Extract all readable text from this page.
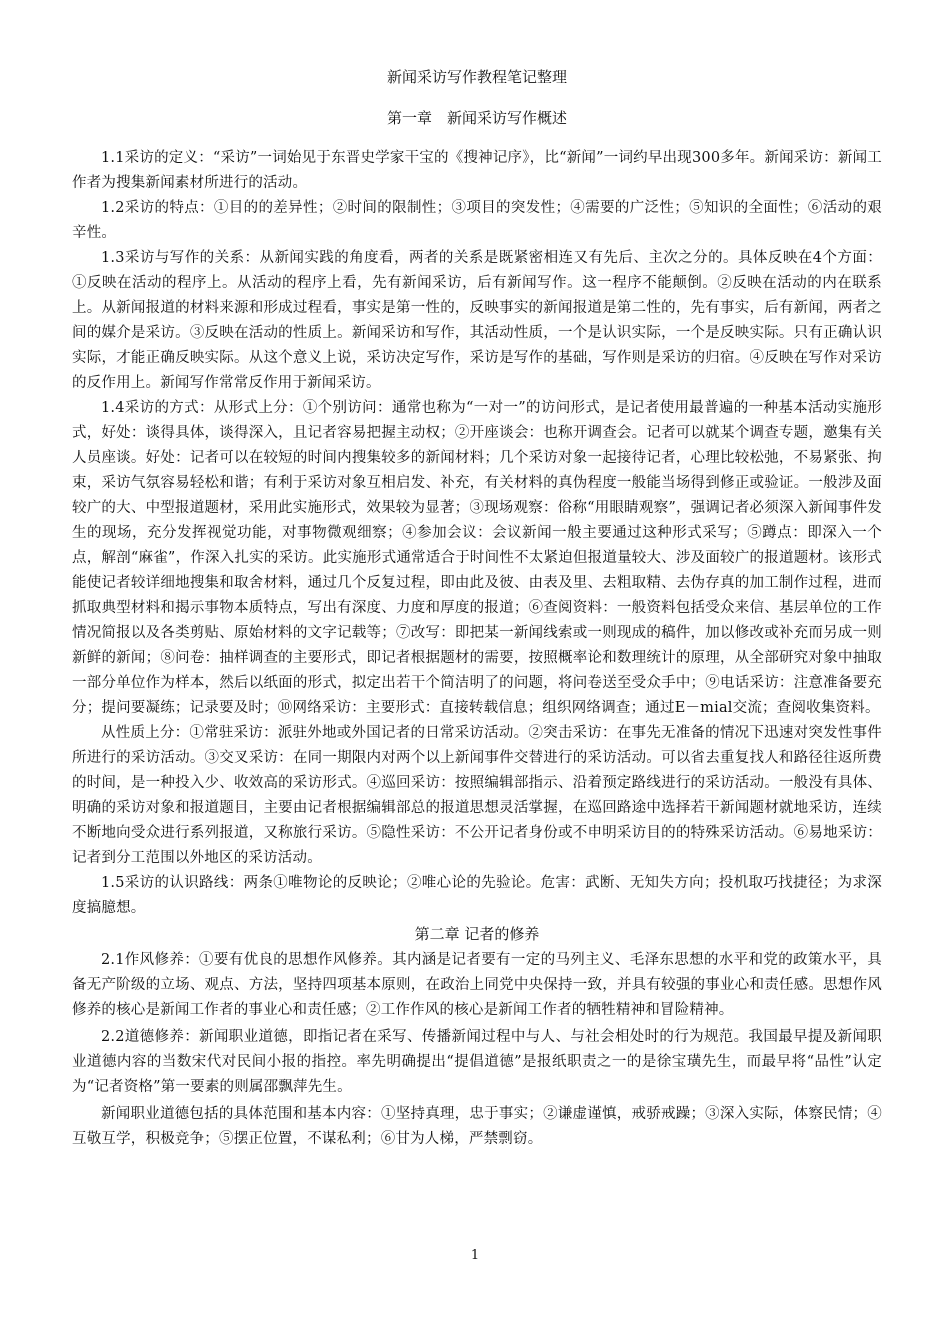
新闻采访写作教程笔记整理
第一章　新闻采访写作概述

1.1采访的定义：“采访”一词始见于东晋史学家干宝的《搜神记序》，比“新闻”一词约早出现300多年。新闻采访：新闻工作者为搜集新闻素材所进行的活动。

1.2采访的特点：①目的的差异性；②时间的限制性；③项目的突发性；④需要的广泛性；⑤知识的全面性；⑥活动的艰辛性。

1.3采访与写作的关系：从新闻实践的角度看，两者的关系是既紧密相连又有先后、主次之分的。具体反映在4个方面：①反映在活动的程序上。从活动的程序上看，先有新闻采访，后有新闻写作。这一程序不能颠倒。②反映在活动的内在联系上。从新闻报道的材料来源和形成过程看，事实是第一性的，反映事实的新闻报道是第二性的，先有事实，后有新闻，两者之间的媒介是采访。③反映在活动的性质上。新闻采访和写作，其活动性质，一个是认识实际，一个是反映实际。只有正确认识实际，才能正确反映实际。从这个意义上说，采访决定写作，采访是写作的基础，写作则是采访的归宿。④反映在写作对采访的反作用上。新闻写作常常反作用于新闻采访。

1.4采访的方式：从形式上分：①个别访问：通常也称为“一对一”的访问形式，是记者使用最普遍的一种基本活动实施形式，好处：谈得具体，谈得深入，且记者容易把握主动权；②开座谈会：也称开调查会。记者可以就某个调查专题，邀集有关人员座谈。好处：记者可以在较短的时间内搜集较多的新闻材料；几个采访对象一起接待记者，心理比较松弛，不易紧张、拘束，采访气氛容易轻松和谐；有利于采访对象互相启发、补充，有关材料的真伪程度一般能当场得到修正或验证。一般涉及面较广的大、中型报道题材，采用此实施形式，效果较为显著；③现场观察：俗称“用眼睛观察”，强调记者必须深入新闻事件发生的现场，充分发挥视觉功能，对事物微观细察；④参加会议：会议新闻一般主要通过这种形式采写；⑤蹲点：即深入一个点，解剖“麻雀”，作深入扎实的采访。此实施形式通常适合于时间性不太紧迫但报道量较大、涉及面较广的报道题材。该形式能使记者较详细地搜集和取舍材料，通过几个反复过程，即由此及彼、由表及里、去粗取精、去伪存真的加工制作过程，进而抓取典型材料和揭示事物本质特点，写出有深度、力度和厚度的报道；⑥查阅资料：一般资料包括受众来信、基层单位的工作情况简报以及各类剪贴、原始材料的文字记载等；⑦改写：即把某一新闻线索或一则现成的稿件，加以修改或补充而另成一则新鲜的新闻；⑧问卷：抽样调查的主要形式，即记者根据题材的需要，按照概率论和数理统计的原理，从全部研究对象中抽取一部分单位作为样本，然后以纸面的形式，拟定出若干个简洁明了的问题，将问卷送至受众手中；⑨电话采访：注意准备要充分；提问要凝练；记录要及时；⑩网络采访：主要形式：直接转载信息；组织网络调查；通过E－mial交流；查阅收集资料。

从性质上分：①常驻采访：派驻外地或外国记者的日常采访活动。②突击采访：在事先无准备的情况下迅速对突发性事件所进行的采访活动。③交叉采访：在同一期限内对两个以上新闻事件交替进行的采访活动。可以省去重复找人和路径往返所费的时间，是一种投入少、收效高的采访形式。④巡回采访：按照编辑部指示、沿着预定路线进行的采访活动。一般没有具体、明确的采访对象和报道题目，主要由记者根据编辑部总的报道思想灵活掌握，在巡回路途中选择若干新闻题材就地采访，连续不断地向受众进行系列报道，又称旅行采访。⑤隐性采访：不公开记者身份或不申明采访目的的特殊采访活动。⑥易地采访：记者到分工范围以外地区的采访活动。

1.5采访的认识路线：两条①唯物论的反映论；②唯心论的先验论。危害：武断、无知失方向；投机取巧找捷径；为求深度搞臆想。

第二章 记者的修养

2.1作风修养：①要有优良的思想作风修养。其内涵是记者要有一定的马列主义、毛泽东思想的水平和党的政策水平，具备无产阶级的立场、观点、方法，坚持四项基本原则，在政治上同党中央保持一致，并具有较强的事业心和责任感。思想作风修养的核心是新闻工作者的事业心和责任感；②工作作风的核心是新闻工作者的牺牲精神和冒险精神。

2.2道德修养：新闻职业道德，即指记者在采写、传播新闻过程中与人、与社会相处时的行为规范。我国最早提及新闻职业道德内容的当数宋代对民间小报的指控。率先明确提出“提倡道德”是报纸职责之一的是徐宝璜先生，而最早将“品性”认定为“记者资格”第一要素的则属邵飘萍先生。

新闻职业道德包括的具体范围和基本内容：①坚持真理，忠于事实；②谦虚谨慎，戒骄戒躁；③深入实际，体察民情；④互敬互学，积极竞争；⑤摆正位置，不谋私利；⑥甘为人梯，严禁剽窃。

1
